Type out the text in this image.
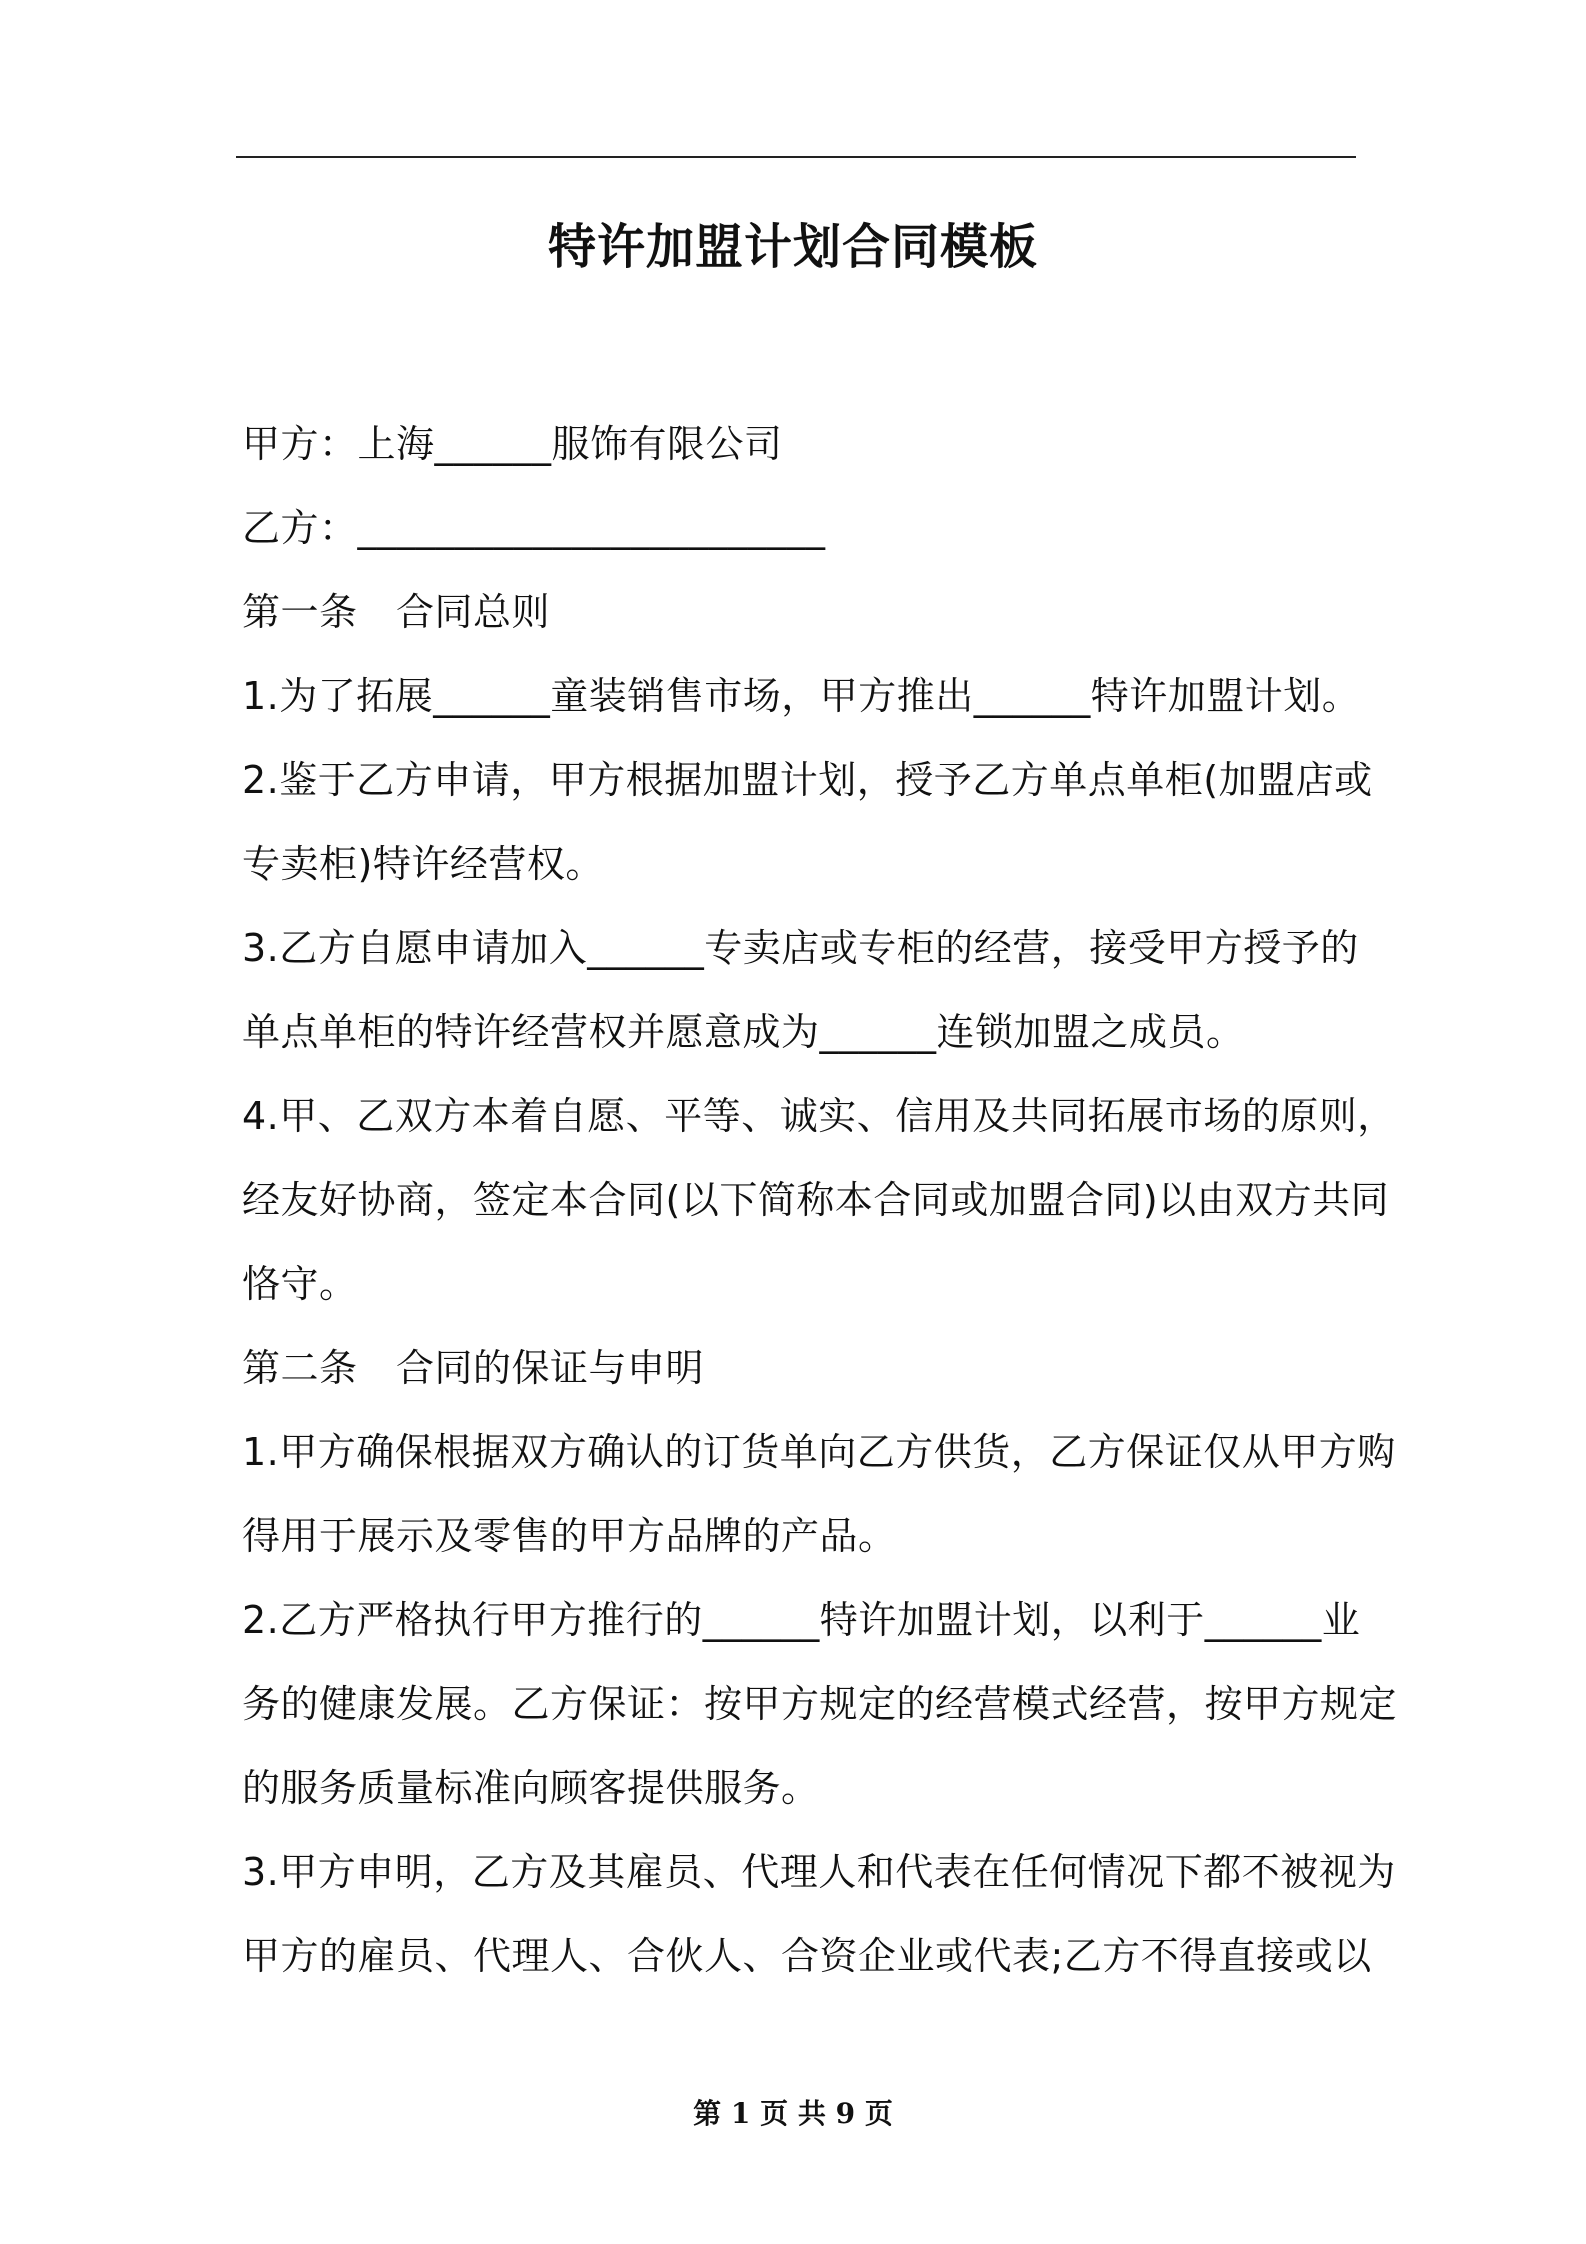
特许加盟计划合同模板
甲方：上海______服饰有限公司
乙方：________________________
第一条　合同总则
1.为了拓展______童装销售市场，甲方推出______特许加盟计划。
2.鉴于乙方申请，甲方根据加盟计划，授予乙方单点单柜(加盟店或
专卖柜)特许经营权。
3.乙方自愿申请加入______专卖店或专柜的经营，接受甲方授予的
单点单柜的特许经营权并愿意成为______连锁加盟之成员。
4.甲、乙双方本着自愿、平等、诚实、信用及共同拓展市场的原则，
经友好协商，签定本合同(以下简称本合同或加盟合同)以由双方共同
恪守。
第二条　合同的保证与申明
1.甲方确保根据双方确认的订货单向乙方供货，乙方保证仅从甲方购
得用于展示及零售的甲方品牌的产品。
2.乙方严格执行甲方推行的______特许加盟计划，以利于______业
务的健康发展。乙方保证：按甲方规定的经营模式经营，按甲方规定
的服务质量标准向顾客提供服务。
3.甲方申明，乙方及其雇员、代理人和代表在任何情况下都不被视为
甲方的雇员、代理人、合伙人、合资企业或代表;乙方不得直接或以
第 1 页 共 9 页
